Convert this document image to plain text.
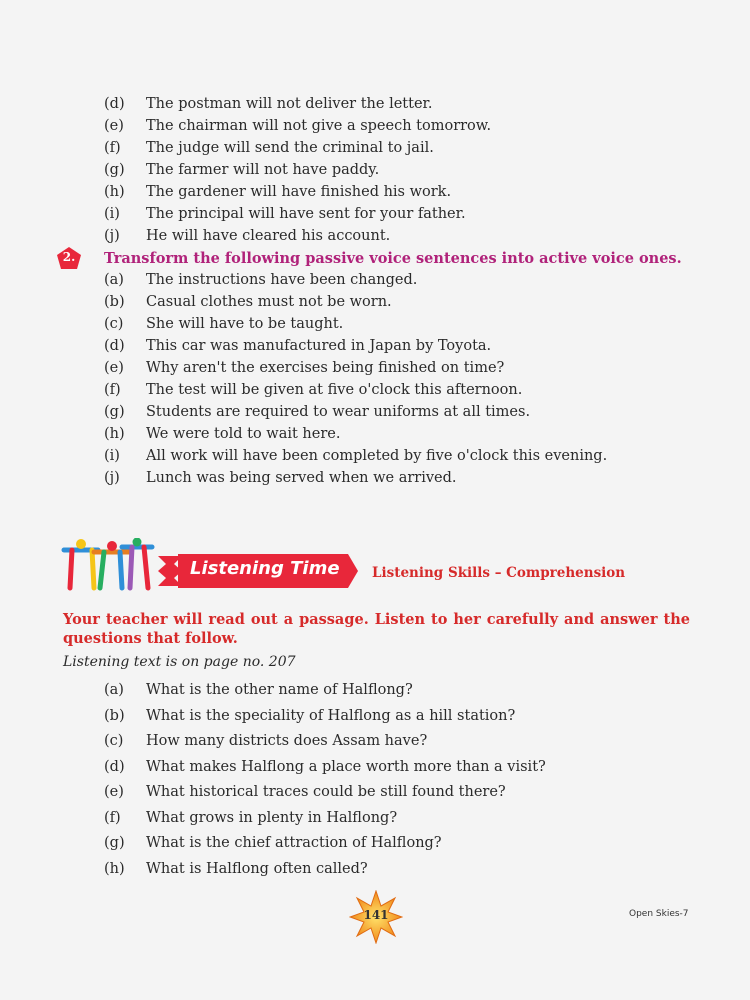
(d)	The postman will not deliver the letter.
(e)	The chairman will not give a speech tomorrow.
(f)	The judge will send the criminal to jail.
(g)	The farmer will not have paddy.
(h)	The gardener will have finished his work.
(i)	The principal will have sent for your father.
(j)	He will have cleared his account.
2.	Transform the following passive voice sentences into active voice ones.
(a)	The instructions have been changed.
(b)	Casual clothes must not be worn.
(c)	She will have to be taught.
(d)	This car was manufactured in Japan by Toyota.
(e)	Why aren't the exercises being finished on time?
(f)	The test will be given at five o'clock this afternoon.
(g)	Students are required to wear uniforms at all times.
(h)	We were told to wait here.
(i)	All work will have been completed by five o'clock this evening.
(j)	Lunch was being served when we arrived.
Listening Time Listening Skills – Comprehension

Your teacher will read out a passage. Listen to her carefully and answer the questions that follow.

Listening text is on page no. 207
(a)	What is the other name of Halflong?
(b)	What is the speciality of Halflong as a hill station?
(c)	How many districts does Assam have?
(d)	What makes Halflong a place worth more than a visit?
(e)	What historical traces could be still found there?
(f)	What grows in plenty in Halflong?
(g)	What is the chief attraction of Halflong?
(h)	What is Halflong often called?
141	Open Skies-7
